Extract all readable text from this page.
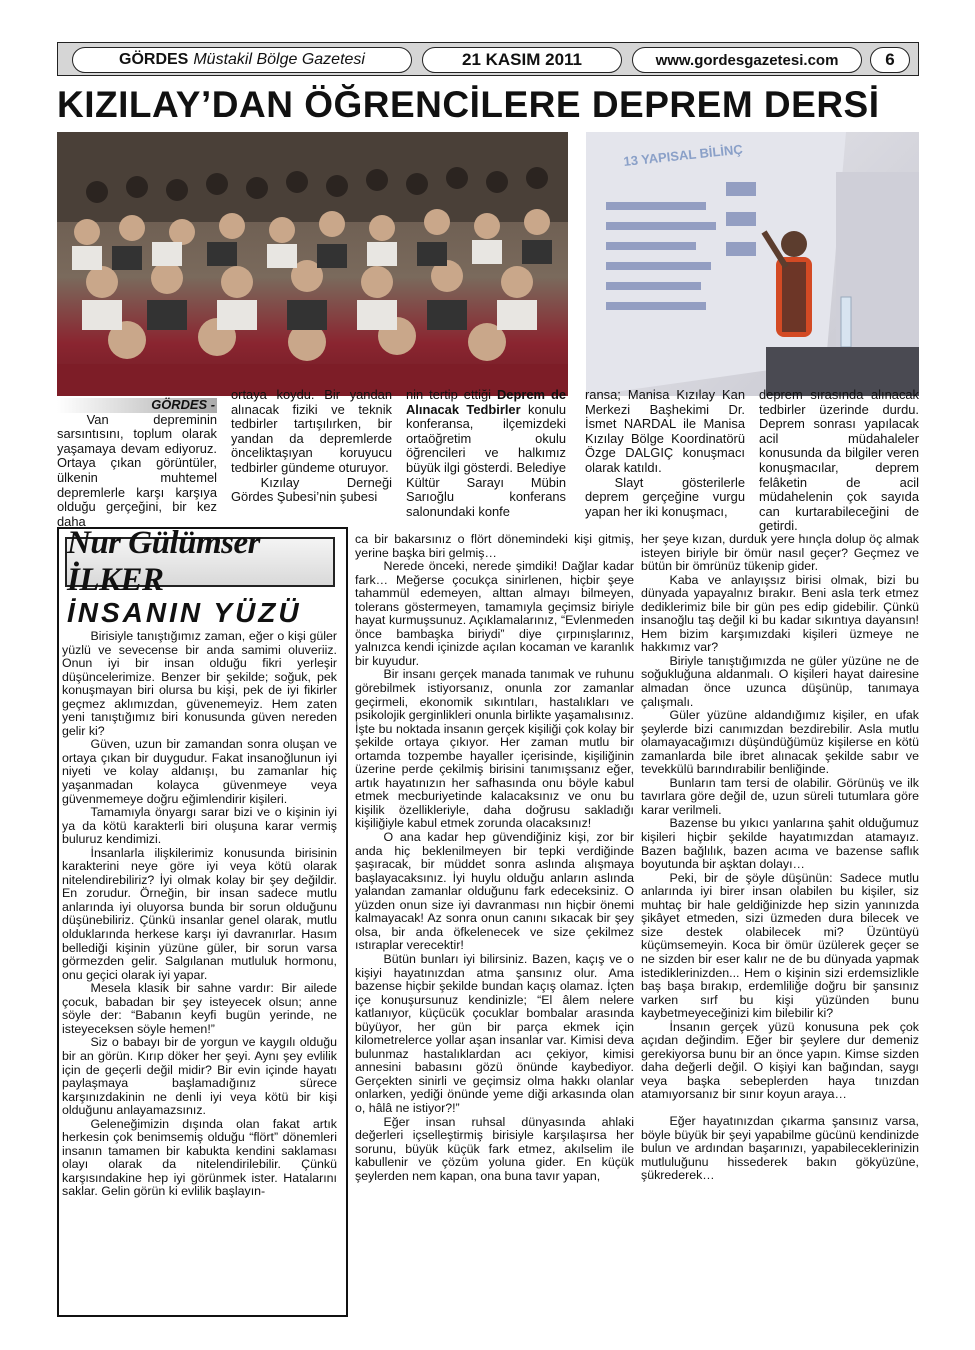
GÖRDES Müstakil Bölge Gazetesi	21 KASIM 2011	www.gordesgazetesi.com	6
KIZILAY’DAN ÖĞRENCİLERE DEPREM DERSİ
13 YAPISAL BİLİNÇ
GÖRDES -

Van depreminin sarsıntısını, toplum olarak yaşamaya devam ediyoruz. Ortaya çıkan görüntüler, ülkenin muhtemel depremlerle karşı karşıya olduğu gerçeğini, bir kez daha

ortaya koydu. Bir yandan alınacak fiziki ve teknik tedbirler tartışılırken, bir yandan da depremlerde önceliktaşıyan koruyucu tedbirler gündeme oturuyor.

Kızılay Derneği Gördes Şubesi’nin şubesi

nin tertip ettiği Deprem de Alınacak Tedbirler konulu konferansa, ilçemizdeki ortaöğretim okulu öğrencileri ve halkımız büyük ilgi gösterdi. Belediye Kültür Sarayı Mübin Sarıoğlu konferans salonundaki konfe

ransa; Manisa Kızılay Kan Merkezi Başhekimi Dr. İsmet NARDAL ile Manisa Kızılay Bölge Koordinatörü Özge DALGIÇ konuşmacı olarak katıldı.

Slayt gösterilerle deprem gerçeğine vurgu yapan her iki konuşmacı,

deprem sırasında alınacak tedbirler üzerinde durdu. Deprem sonrası yapılacak acil müdahaleler konusunda da bilgiler veren konuşmacılar, deprem felâketin de acil müdahelenin çok sayıda can kurtarabileceğini de getirdi.

Nur Gülümser İLKER
İNSANIN YÜZÜ

Birisiyle tanıştığımız zaman, eğer o kişi güler yüzlü ve sevecense bir anda samimi oluveriiz. Onun iyi bir insan olduğu fikri yerleşir düşüncelerimize. Benzer bir şekilde; soğuk, pek konuşmayan biri olursa bu kişi, pek de iyi fikirler geçmez aklımızdan, güvenemeyiz. Hem zaten yeni tanıştığımız biri konusunda güven nereden gelir ki?

Güven, uzun bir zamandan sonra oluşan ve ortaya çıkan bir duygudur. Fakat insanoğlunun iyi niyeti ve kolay aldanışı, bu zamanlar hiç yaşanmadan kolayca güvenmeye veya güvenmemeye doğru eğimlendirir kişileri.

Tamamıyla önyargı sarar bizi ve o kişinin iyi ya da kötü karakterli biri oluşuna karar vermiş buluruz kendimizi.

İnsanlarla ilişkilerimiz konusunda birisinin karakterini neye göre iyi veya kötü olarak nitelendirebiliriz? İyi olmak kolay bir şey değildir. En zorudur. Örneğin, bir insan sadece mutlu anlarında iyi oluyorsa bunda bir sorun olduğunu düşünebiliriz. Çünkü insanlar genel olarak, mutlu olduklarında herkese karşı iyi davranırlar. Hasım bellediği kişinin yüzüne güler, bir sorun varsa görmezden gelir. Salgılanan mutluluk hormonu, onu geçici olarak iyi yapar.

Mesela klasik bir sahne vardır: Bir ailede çocuk, babadan bir şey isteyecek olsun; anne söyle der: “Babanın keyfi bugün yerinde, ne isteyeceksen söyle hemen!”

Siz o babayı bir de yorgun ve kaygılı olduğu bir an görün. Kırıp döker her şeyi. Aynı şey evlilik için de geçerli değil midir? Bir evin içinde hayatı paylaşmaya başlamadığınız sürece karşınızdakinin ne denli iyi veya kötü bir kişi olduğunu anlayamazsınız.

Geleneğimizin dışında olan fakat artık herkesin çok benimsemiş olduğu “flört” dönemleri insanın tamamen bir kabukta kendini saklaması olayı olarak da nitelendirilebilir. Çünkü karşısındakine hep iyi görünmek ister. Hatalarını saklar. Gelin görün ki evlilik başlayın-

ca bir bakarsınız o flört dönemindeki kişi gitmiş, yerine başka biri gelmiş…

Nerede önceki, nerede şimdiki! Dağlar kadar fark… Meğerse çocukça sinirlenen, hiçbir şeye tahammül edemeyen, alttan almayı bilmeyen, tolerans göstermeyen, tamamıyla geçimsiz biriyle hayat kurmuşsunuz. Açıklamalarınız, “Evlenmeden önce bambaşka biriydi” diye çırpınışlarınız, yalnızca kendi içinizde açılan kocaman ve karanlık bir kuyudur.

Bir insanı gerçek manada tanımak ve ruhunu görebilmek istiyorsanız, onunla zor zamanlar geçirmeli, ekonomik sıkıntıları, hastalıkları ve psikolojik gerginlikleri onunla birlikte yaşamalısınız. İşte bu noktada insanın gerçek kişiliği çok kolay bir şekilde ortaya çıkıyor. Her zaman mutlu bir ortamda tozpembe hayaller içerisinde, kişiliğinin üzerine perde çekilmiş birisini tanımışsanız eğer, artık hayatınızın her safhasında onu böyle kabul etmek mecburiyetinde kalacaksınız ve onu bu kişilik özellikleriyle, daha doğrusu sakladığı kişiliğiyle kabul etmek zorunda olacaksınız!

O ana kadar hep güvendiğiniz kişi, zor bir anda hiç beklenilmeyen bir tepki verdiğinde şaşıracak, bir müddet sonra aslında alışmaya başlayacaksınız. İyi huylu olduğu anların aslında yalandan zamanlar olduğunu fark edeceksiniz. O yüzden onun size iyi davranması nın hiçbir önemi kalmayacak! Az sonra onun canını sıkacak bir şey olsa, bir anda öfkelenecek ve size çekilmez ıstıraplar verecektir!

Bütün bunları iyi bilirsiniz. Bazen, kaçış ve o kişiyi hayatınızdan atma şansınız olur. Ama bazense hiçbir şekilde bundan kaçış olamaz. İçten içe konuşursunuz kendinizle; “El âlem nelere katlanıyor, küçücük çocuklar bombalar arasında büyüyor, her gün bir parça ekmek için kilometrelerce yollar aşan insanlar var. Kimisi deva bulunmaz hastalıklardan acı çekiyor, kimisi annesini babasını gözü önünde kaybediyor. Gerçekten sinirli ve geçimsiz olma hakkı olanlar onlarken, yediği önünde yeme diği arkasında olan o, hâlâ ne istiyor?!”

Eğer insan ruhsal dünyasında ahlaki değerleri içselleştirmiş birisiyle karşılaşırsa her sorunu, büyük küçük fark etmez, akılselim ile kabullenir ve çözüm yoluna gider. En küçük şeylerden nem kapan, ona buna tavır yapan,

her şeye kızan, durduk yere hınçla dolup öç almak isteyen biriyle bir ömür nasıl geçer? Geçmez ve bütün bir ömrünüz tükenip gider.

Kaba ve anlayışsız birisi olmak, bizi bu dünyada yapayalnız bırakır. Beni asla terk etmez dediklerimiz bile bir gün pes edip gidebilir. Çünkü insanoğlu taş değil ki bu kadar sıkıntıya dayansın! Hem bizim karşımızdaki kişileri üzmeye ne hakkımız var?

Biriyle tanıştığımızda ne güler yüzüne ne de soğukluğuna aldanmalı. O kişileri hayat dairesine almadan önce uzunca düşünüp, tanımaya çalışmalı.

Güler yüzüne aldandığımız kişiler, en ufak şeylerde bizi canımızdan bezdirebilir. Asla mutlu olamayacağımızı düşündüğümüz kişilerse en kötü zamanlarda bile ibret alınacak şekilde sabır ve tevekkülü barındırabilir benliğinde.

Bunların tam tersi de olabilir. Görünüş ve ilk tavırlara göre değil de, uzun süreli tutumlara göre karar verilmeli.

Bazense bu yıkıcı yanlarına şahit olduğumuz kişileri hiçbir şekilde hayatımızdan atamayız. Bazen bağlılık, bazen acıma ve bazense saflık boyutunda bir aşktan dolayı…

Peki, bir de şöyle düşünün: Sadece mutlu anlarında iyi birer insan olabilen bu kişiler, siz muhtaç bir hale geldiğinizde hep sizin yanınızda şikâyet etmeden, sizi üzmeden dura bilecek ve size destek olabilecek mi? Üzüntüyü küçümsemeyin. Koca bir ömür üzülerek geçer se ne sizden bir eser kalır ne de bu dünyada yapmak istediklerinizden... Hem o kişinin sizi erdemsizlikle baş başa bırakıp, erdemliliğe doğru bir şansınız varken sırf bu kişi yüzünden bunu kaybetmeyeceğinizi kim bilebilir ki?

İnsanın gerçek yüzü konusuna pek çok açıdan değindim. Eğer bir şeylere dur demeniz gerekiyorsa bunu bir an önce yapın. Kimse sizden daha değerli değil. O kişiyi kan bağından, saygı veya başka sebeplerden haya tınızdan atamıyorsanız bir sınır koyun araya…

Eğer hayatınızdan çıkarma şansınız varsa, böyle büyük bir şeyi yapabilme gücünü kendinizde bulun ve ardından başarınızı, yapabileceklerinizin mutluluğunu hissederek bakın gökyüzüne, şükrederek…
